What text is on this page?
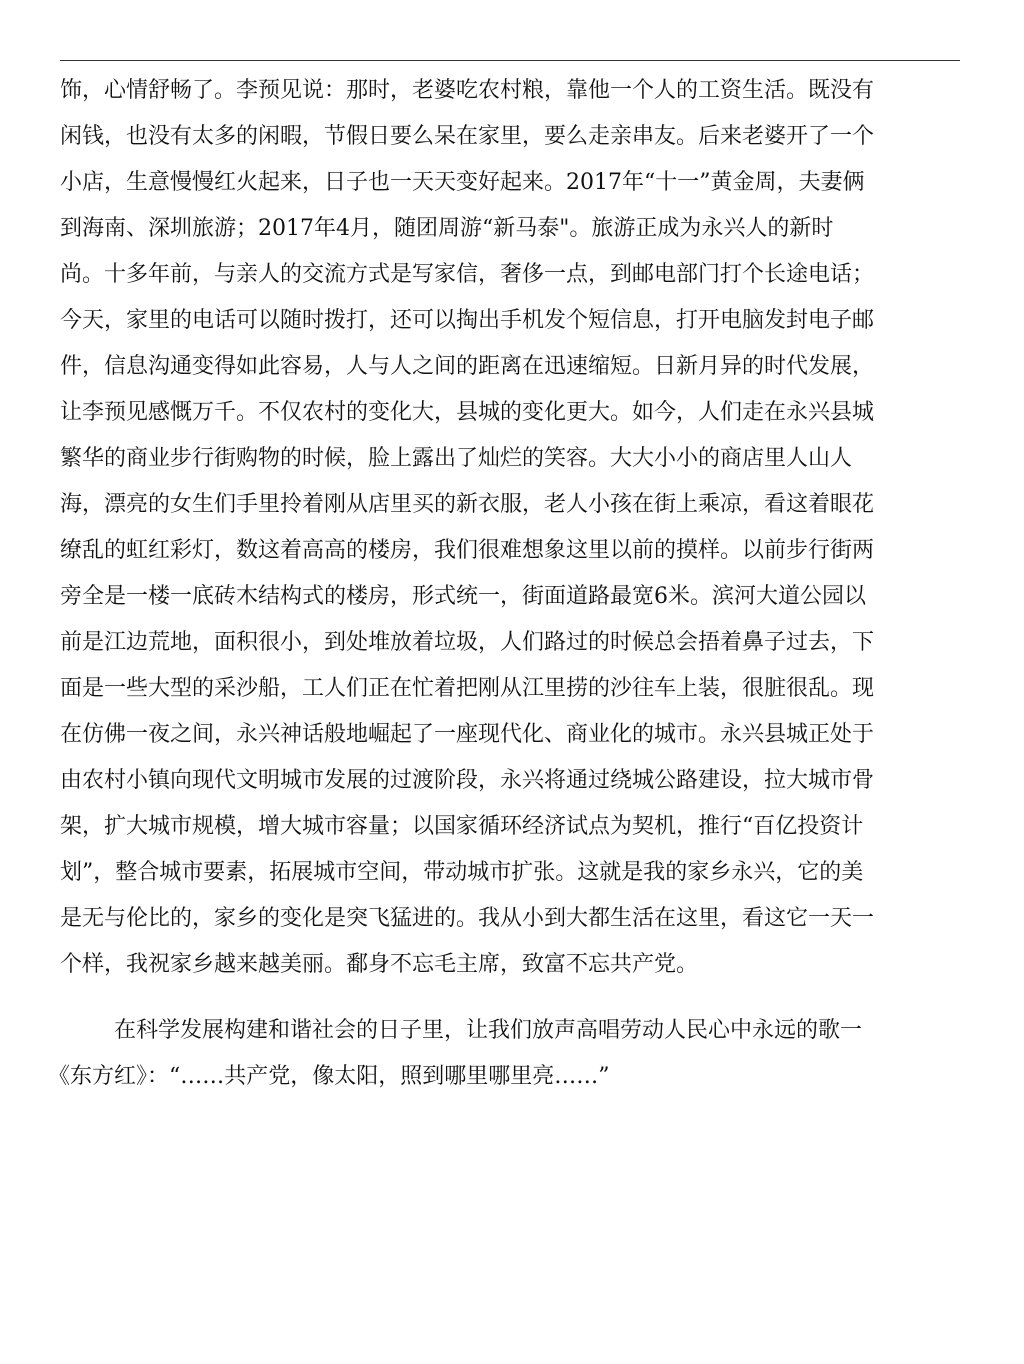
饰，心情舒畅了。李预见说：那时，老婆吃农村粮，靠他一个人的工资生活。既没有
闲钱，也没有太多的闲暇，节假日要么呆在家里，要么走亲串友。后来老婆开了一个
小店，生意慢慢红火起来，日子也一天天变好起来。2017年“十一”黄金周，夫妻俩
到海南、深圳旅游；2017年4月，随团周游“新马泰"。旅游正成为永兴人的新时
尚。十多年前，与亲人的交流方式是写家信，奢侈一点，到邮电部门打个长途电话；
今天，家里的电话可以随时拨打，还可以掏出手机发个短信息，打开电脑发封电子邮
件，信息沟通变得如此容易，人与人之间的距离在迅速缩短。日新月异的时代发展，
让李预见感慨万千。不仅农村的变化大，县城的变化更大。如今，人们走在永兴县城
繁华的商业步行街购物的时候，脸上露出了灿烂的笑容。大大小小的商店里人山人
海，漂亮的女生们手里拎着刚从店里买的新衣服，老人小孩在街上乘凉，看这着眼花
缭乱的虹红彩灯，数这着高高的楼房，我们很难想象这里以前的摸样。以前步行街两
旁全是一楼一底砖木结构式的楼房，形式统一，街面道路最宽6米。滨河大道公园以
前是江边荒地，面积很小，到处堆放着垃圾，人们路过的时候总会捂着鼻子过去，下
面是一些大型的采沙船，工人们正在忙着把刚从江里捞的沙往车上装，很脏很乱。现
在仿佛一夜之间，永兴神话般地崛起了一座现代化、商业化的城市。永兴县城正处于
由农村小镇向现代文明城市发展的过渡阶段，永兴将通过绕城公路建设，拉大城市骨
架，扩大城市规模，增大城市容量；以国家循环经济试点为契机，推行“百亿投资计
划”，整合城市要素，拓展城市空间，带动城市扩张。这就是我的家乡永兴，它的美
是无与伦比的，家乡的变化是突飞猛进的。我从小到大都生活在这里，看这它一天一
个样，我祝家乡越来越美丽。鄱身不忘毛主席，致富不忘共产党。
在科学发展构建和谐社会的日子里，让我们放声高唱劳动人民心中永远的歌一
《东方红》：“……共产党，像太阳，照到哪里哪里亮……”
